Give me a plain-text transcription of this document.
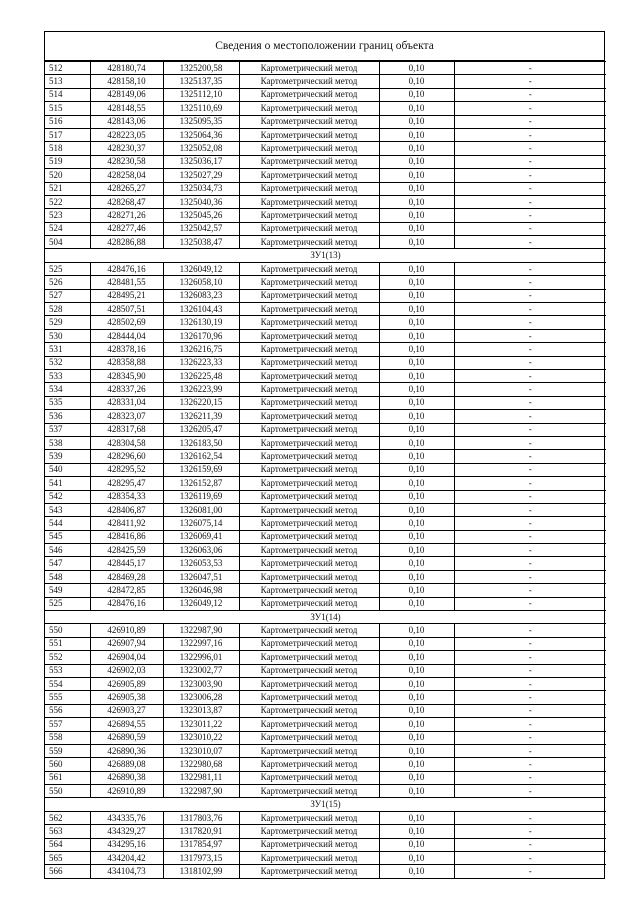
Сведения о местоположении границ объекта
512	428180,74	1325200,58	Картометрический метод	0,10	-
513	428158,10	1325137,35	Картометрический метод	0,10	-
514	428149,06	1325112,10	Картометрический метод	0,10	-
515	428148,55	1325110,69	Картометрический метод	0,10	-
516	428143,06	1325095,35	Картометрический метод	0,10	-
517	428223,05	1325064,36	Картометрический метод	0,10	-
518	428230,37	1325052,08	Картометрический метод	0,10	-
519	428230,58	1325036,17	Картометрический метод	0,10	-
520	428258,04	1325027,29	Картометрический метод	0,10	-
521	428265,27	1325034,73	Картометрический метод	0,10	-
522	428268,47	1325040,36	Картометрический метод	0,10	-
523	428271,26	1325045,26	Картометрический метод	0,10	-
524	428277,46	1325042,57	Картометрический метод	0,10	-
504	428286,88	1325038,47	Картометрический метод	0,10	-
ЗУ1(13)					
525	428476,16	1326049,12	Картометрический метод	0,10	-
526	428481,55	1326058,10	Картометрический метод	0,10	-
527	428495,21	1326083,23	Картометрический метод	0,10	-
528	428507,51	1326104,43	Картометрический метод	0,10	-
529	428502,69	1326130,19	Картометрический метод	0,10	-
530	428444,04	1326170,96	Картометрический метод	0,10	-
531	428378,16	1326216,75	Картометрический метод	0,10	-
532	428358,88	1326223,33	Картометрический метод	0,10	-
533	428345,90	1326225,48	Картометрический метод	0,10	-
534	428337,26	1326223,99	Картометрический метод	0,10	-
535	428331,04	1326220,15	Картометрический метод	0,10	-
536	428323,07	1326211,39	Картометрический метод	0,10	-
537	428317,68	1326205,47	Картометрический метод	0,10	-
538	428304,58	1326183,50	Картометрический метод	0,10	-
539	428296,60	1326162,54	Картометрический метод	0,10	-
540	428295,52	1326159,69	Картометрический метод	0,10	-
541	428295,47	1326152,87	Картометрический метод	0,10	-
542	428354,33	1326119,69	Картометрический метод	0,10	-
543	428406,87	1326081,00	Картометрический метод	0,10	-
544	428411,92	1326075,14	Картометрический метод	0,10	-
545	428416,86	1326069,41	Картометрический метод	0,10	-
546	428425,59	1326063,06	Картометрический метод	0,10	-
547	428445,17	1326053,53	Картометрический метод	0,10	-
548	428469,28	1326047,51	Картометрический метод	0,10	-
549	428472,85	1326046,98	Картометрический метод	0,10	-
525	428476,16	1326049,12	Картометрический метод	0,10	-
ЗУ1(14)					
550	426910,89	1322987,90	Картометрический метод	0,10	-
551	426907,94	1322997,16	Картометрический метод	0,10	-
552	426904,04	1322996,01	Картометрический метод	0,10	-
553	426902,03	1323002,77	Картометрический метод	0,10	-
554	426905,89	1323003,90	Картометрический метод	0,10	-
555	426905,38	1323006,28	Картометрический метод	0,10	-
556	426903,27	1323013,87	Картометрический метод	0,10	-
557	426894,55	1323011,22	Картометрический метод	0,10	-
558	426890,59	1323010,22	Картометрический метод	0,10	-
559	426890,36	1323010,07	Картометрический метод	0,10	-
560	426889,08	1322980,68	Картометрический метод	0,10	-
561	426890,38	1322981,11	Картометрический метод	0,10	-
550	426910,89	1322987,90	Картометрический метод	0,10	-
ЗУ1(15)					
562	434335,76	1317803,76	Картометрический метод	0,10	-
563	434329,27	1317820,91	Картометрический метод	0,10	-
564	434295,16	1317854,97	Картометрический метод	0,10	-
565	434204,42	1317973,15	Картометрический метод	0,10	-
566	434104,73	1318102,99	Картометрический метод	0,10	-
